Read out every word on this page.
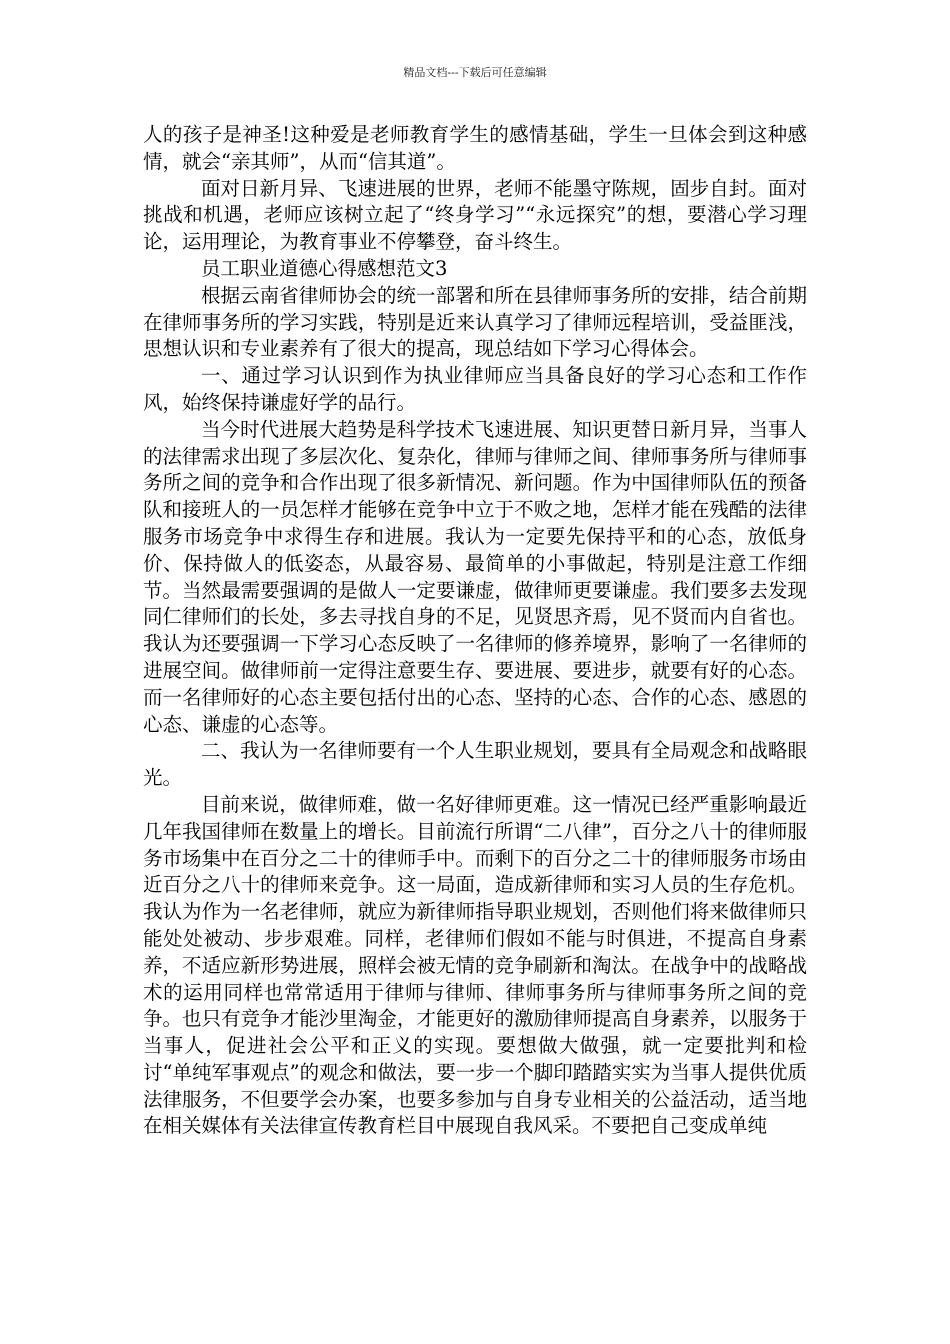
精品文档---下载后可任意编辑

人的孩子是神圣!这种爱是老师教育学生的感情基础，学生一旦体会到这种感情，就会“亲其师”，从而“信其道”。

面对日新月异、飞速进展的世界，老师不能墨守陈规，固步自封。面对挑战和机遇，老师应该树立起了“终身学习”“永远探究”的想，要潜心学习理论，运用理论，为教育事业不停攀登，奋斗终生。

员工职业道德心得感想范文3

根据云南省律师协会的统一部署和所在县律师事务所的安排，结合前期在律师事务所的学习实践，特别是近来认真学习了律师远程培训，受益匪浅，思想认识和专业素养有了很大的提高，现总结如下学习心得体会。

一、通过学习认识到作为执业律师应当具备良好的学习心态和工作作风，始终保持谦虚好学的品行。

当今时代进展大趋势是科学技术飞速进展、知识更替日新月异，当事人的法律需求出现了多层次化、复杂化，律师与律师之间、律师事务所与律师事务所之间的竞争和合作出现了很多新情况、新问题。作为中国律师队伍的预备队和接班人的一员怎样才能够在竞争中立于不败之地，怎样才能在残酷的法律服务市场竞争中求得生存和进展。我认为一定要先保持平和的心态，放低身价、保持做人的低姿态，从最容易、最简单的小事做起，特别是注意工作细节。当然最需要强调的是做人一定要谦虚，做律师更要谦虚。我们要多去发现同仁律师们的长处，多去寻找自身的不足，见贤思齐焉，见不贤而内自省也。我认为还要强调一下学习心态反映了一名律师的修养境界，影响了一名律师的进展空间。做律师前一定得注意要生存、要进展、要进步，就要有好的心态。而一名律师好的心态主要包括付出的心态、坚持的心态、合作的心态、感恩的心态、谦虚的心态等。

二、我认为一名律师要有一个人生职业规划，要具有全局观念和战略眼光。

目前来说，做律师难，做一名好律师更难。这一情况已经严重影响最近几年我国律师在数量上的增长。目前流行所谓“二八律”，百分之八十的律师服务市场集中在百分之二十的律师手中。而剩下的百分之二十的律师服务市场由近百分之八十的律师来竞争。这一局面，造成新律师和实习人员的生存危机。我认为作为一名老律师，就应为新律师指导职业规划，否则他们将来做律师只能处处被动、步步艰难。同样，老律师们假如不能与时俱进，不提高自身素养，不适应新形势进展，照样会被无情的竞争刷新和淘汰。在战争中的战略战术的运用同样也常常适用于律师与律师、律师事务所与律师事务所之间的竞争。也只有竞争才能沙里淘金，才能更好的激励律师提高自身素养，以服务于当事人，促进社会公平和正义的实现。要想做大做强，就一定要批判和检讨“单纯军事观点”的观念和做法，要一步一个脚印踏踏实实为当事人提供优质法律服务，不但要学会办案，也要多参加与自身专业相关的公益活动，适当地在相关媒体有关法律宣传教育栏目中展现自我风采。不要把自己变成单纯
